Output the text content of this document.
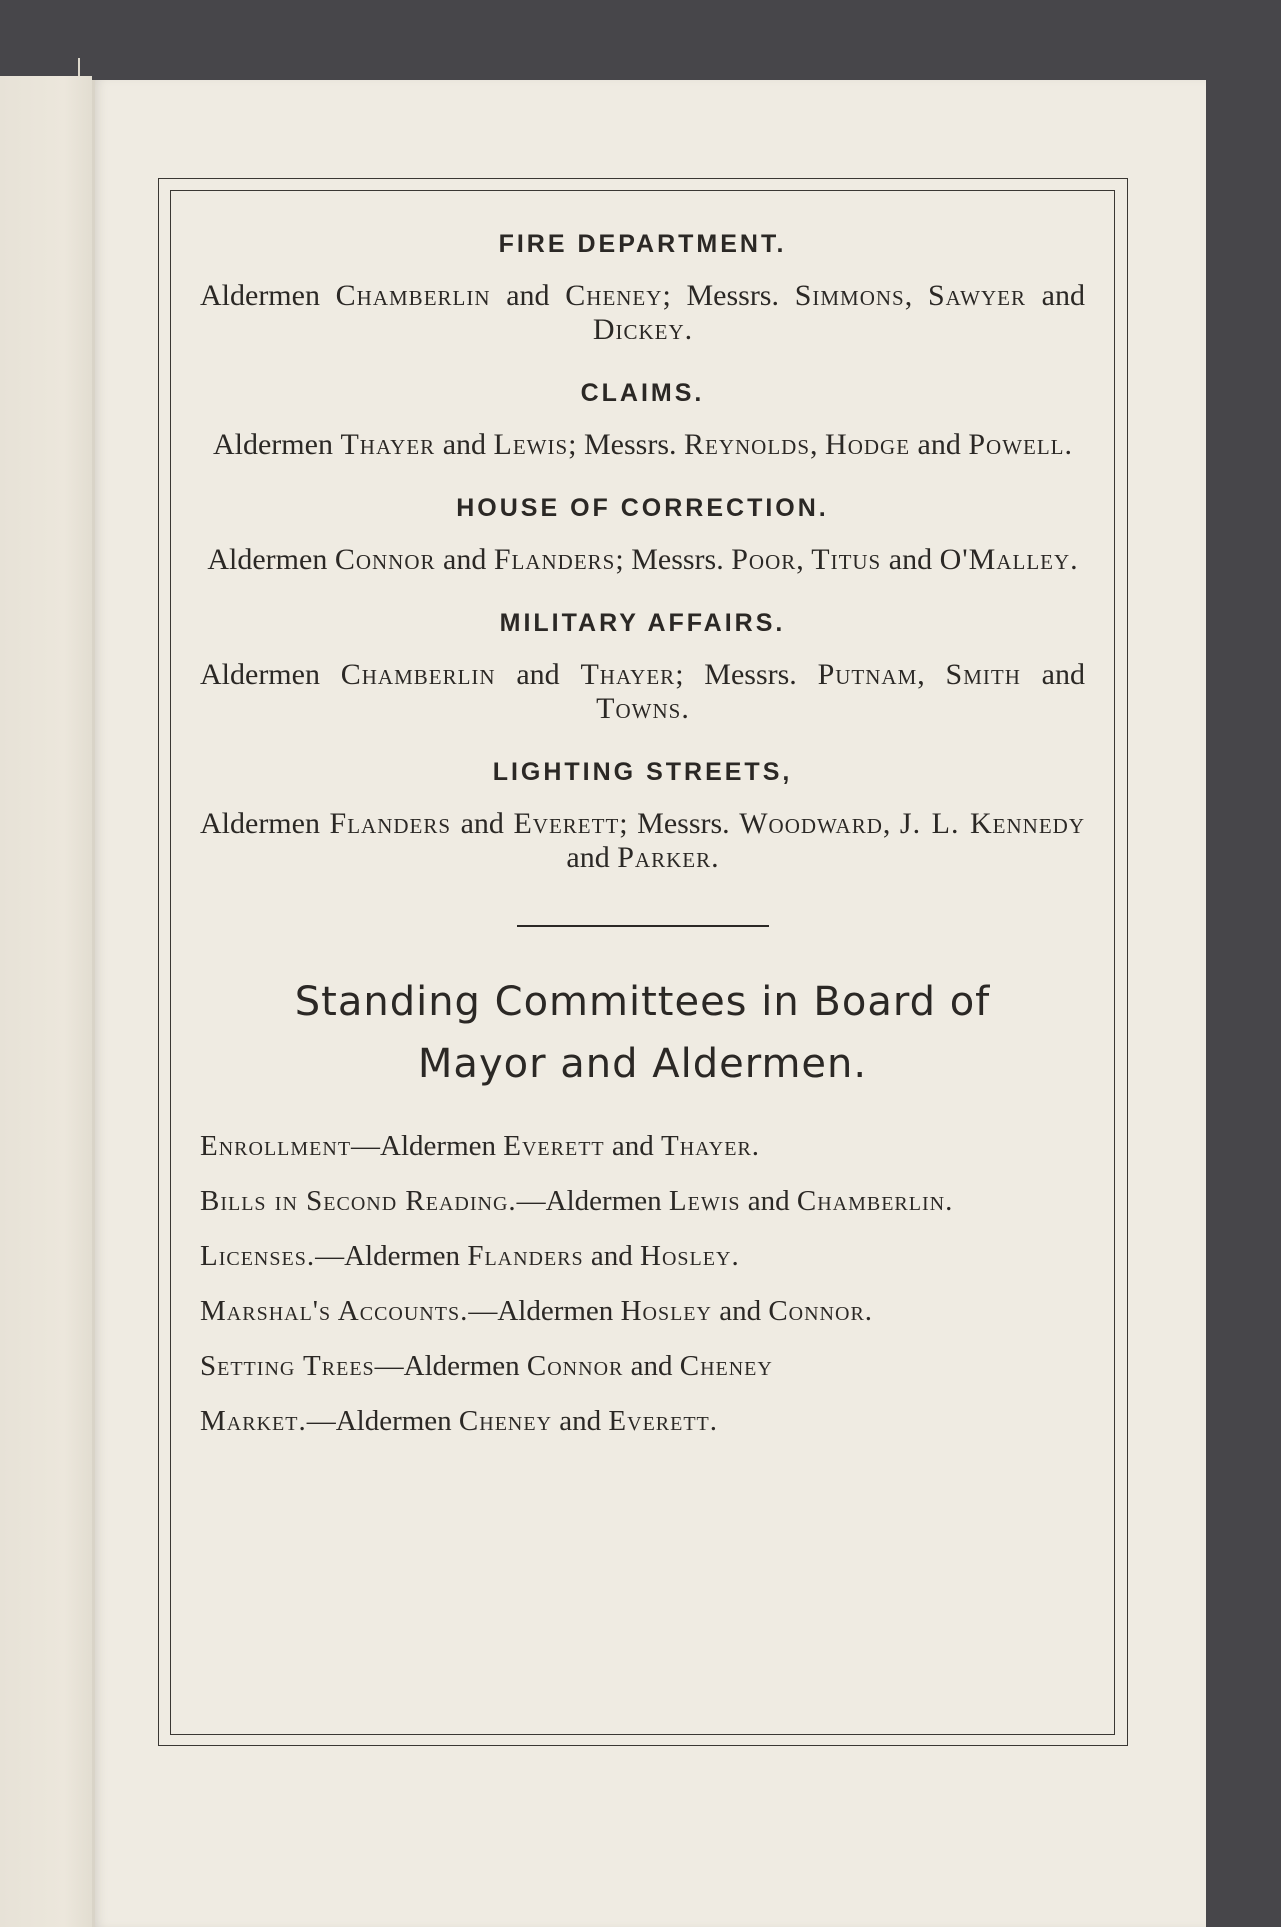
FIRE DEPARTMENT.

Aldermen Chamberlin and Cheney; Messrs. Simmons, Sawyer and Dickey.

CLAIMS.

Aldermen Thayer and Lewis; Messrs. Reynolds, Hodge and Powell.

HOUSE OF CORRECTION.

Aldermen Connor and Flanders; Messrs. Poor, Titus and O'Malley.

MILITARY AFFAIRS.

Aldermen Chamberlin and Thayer; Messrs. Putnam, Smith and Towns.

LIGHTING STREETS,

Aldermen Flanders and Everett; Messrs. Woodward, J. L. Kennedy and Parker.

Standing Committees in Board of
Mayor and Aldermen.

Enrollment—Aldermen Everett and Thayer.

Bills in Second Reading.—Aldermen Lewis and Chamberlin.

Licenses.—Aldermen Flanders and Hosley.

Marshal's Accounts.—Aldermen Hosley and Connor.

Setting Trees—Aldermen Connor and Cheney

Market.—Aldermen Cheney and Everett.
